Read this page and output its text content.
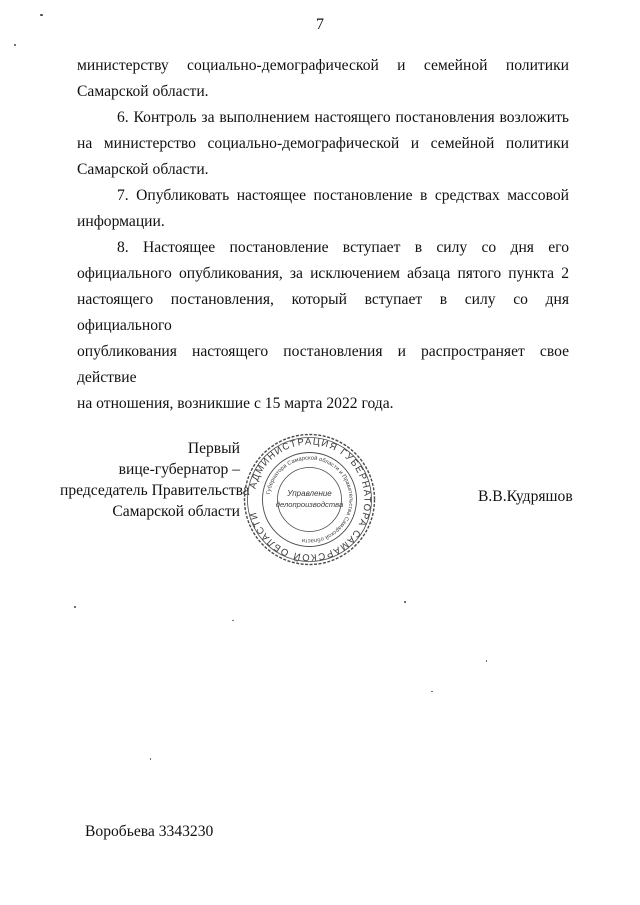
7
министерству социально-демографической и семейной политики
Самарской области.
6. Контроль за выполнением настоящего постановления возложить
на министерство социально-демографической и семейной политики
Самарской области.
7. Опубликовать настоящее постановление в средствах массовой
информации.
8. Настоящее постановление вступает в силу со дня его
официального опубликования, за исключением абзаца пятого пункта 2
настоящего постановления, который вступает в силу со дня официального
опубликования настоящего постановления и распространяет свое действие
на отношения, возникшие с 15 марта 2022 года.
Первый
вице-губернатор –
председатель Правительства
Самарской области
АДМИНИСТРАЦИЯ ГУБЕРНАТОРА САМАРСКОЙ ОБЛАСТИ
Губернатора Самарской области и Правительства Самарской области
Управление
делопроизводства	В.В.Кудряшов
Воробьева 3343230
